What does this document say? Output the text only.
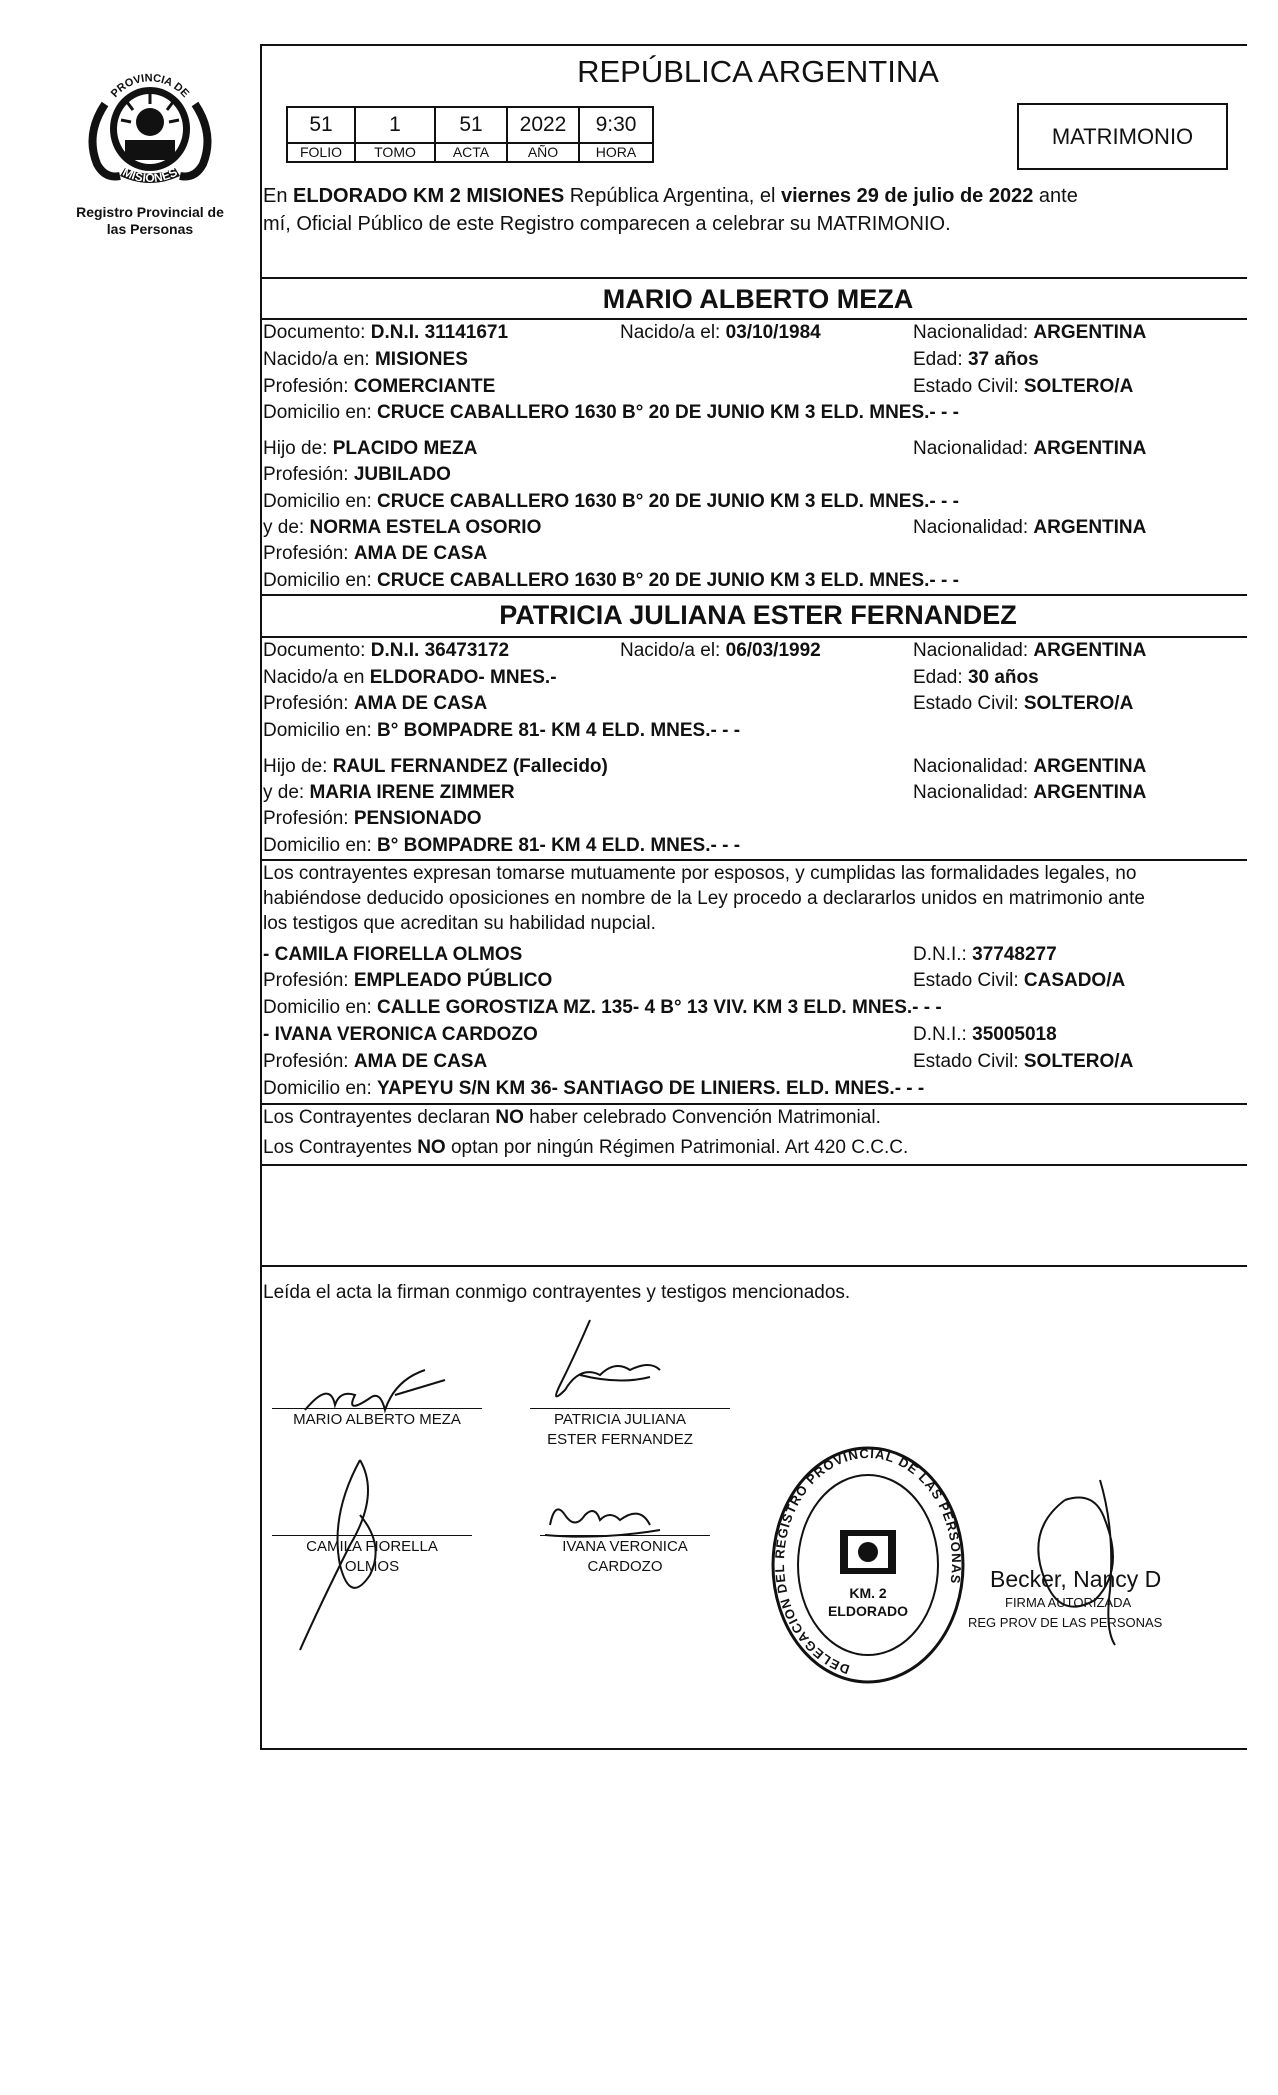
PROVINCIA DE
MISIONES
Registro Provincial de las Personas
REPÚBLICA ARGENTINA
51	1	51	2022	9:30
FOLIO	TOMO	ACTA	AÑO	HORA
MATRIMONIO
En ELDORADO KM 2 MISIONES República Argentina, el viernes 29 de julio de 2022 ante
mí, Oficial Público de este Registro comparecen a celebrar su MATRIMONIO.
MARIO ALBERTO MEZA
Documento: D.N.I. 31141671	Nacido/a el: 03/10/1984	Nacionalidad: ARGENTINA
Nacido/a en: MISIONES	Edad: 37 años
Profesión: COMERCIANTE	Estado Civil: SOLTERO/A
Domicilio en: CRUCE CABALLERO 1630 B° 20 DE JUNIO KM 3 ELD. MNES.- - -
Hijo de: PLACIDO MEZA	Nacionalidad: ARGENTINA
Profesión: JUBILADO
Domicilio en: CRUCE CABALLERO 1630 B° 20 DE JUNIO KM 3 ELD. MNES.- - -
y de: NORMA ESTELA OSORIO	Nacionalidad: ARGENTINA
Profesión: AMA DE CASA
Domicilio en: CRUCE CABALLERO 1630 B° 20 DE JUNIO KM 3 ELD. MNES.- - -
PATRICIA JULIANA ESTER FERNANDEZ
Documento: D.N.I. 36473172	Nacido/a el: 06/03/1992	Nacionalidad: ARGENTINA
Nacido/a en ELDORADO- MNES.-	Edad: 30 años
Profesión: AMA DE CASA	Estado Civil: SOLTERO/A
Domicilio en: B° BOMPADRE 81- KM 4 ELD. MNES.- - -
Hijo de: RAUL FERNANDEZ (Fallecido)	Nacionalidad: ARGENTINA
y de: MARIA IRENE ZIMMER	Nacionalidad: ARGENTINA
Profesión: PENSIONADO
Domicilio en: B° BOMPADRE 81- KM 4 ELD. MNES.- - -
Los contrayentes expresan tomarse mutuamente por esposos, y cumplidas las formalidades legales, no
habiéndose deducido oposiciones en nombre de la Ley procedo a declararlos unidos en matrimonio ante
los testigos que acreditan su habilidad nupcial.
- CAMILA FIORELLA OLMOS	D.N.I.: 37748277
Profesión: EMPLEADO PÚBLICO	Estado Civil: CASADO/A
Domicilio en: CALLE GOROSTIZA MZ. 135- 4 B° 13 VIV. KM 3 ELD. MNES.- - -
- IVANA VERONICA CARDOZO	D.N.I.: 35005018
Profesión: AMA DE CASA	Estado Civil: SOLTERO/A
Domicilio en: YAPEYU S/N KM 36- SANTIAGO DE LINIERS. ELD. MNES.- - -
Los Contrayentes declaran NO haber celebrado Convención Matrimonial.
Los Contrayentes NO optan por ningún Régimen Patrimonial. Art 420 C.C.C.
Leída el acta la firman conmigo contrayentes y testigos mencionados.
MARIO ALBERTO MEZA	PATRICIA JULIANA
ESTER FERNANDEZ
CAMILA FIORELLA
OLMOS
IVANA VERONICA
CARDOZO
DELEGACION DEL REGISTRO PROVINCIAL DE LAS PERSONAS
KM. 2
ELDORADO
Becker, Nancy D
FIRMA AUTORIZADA
REG PROV DE LAS PERSONAS
